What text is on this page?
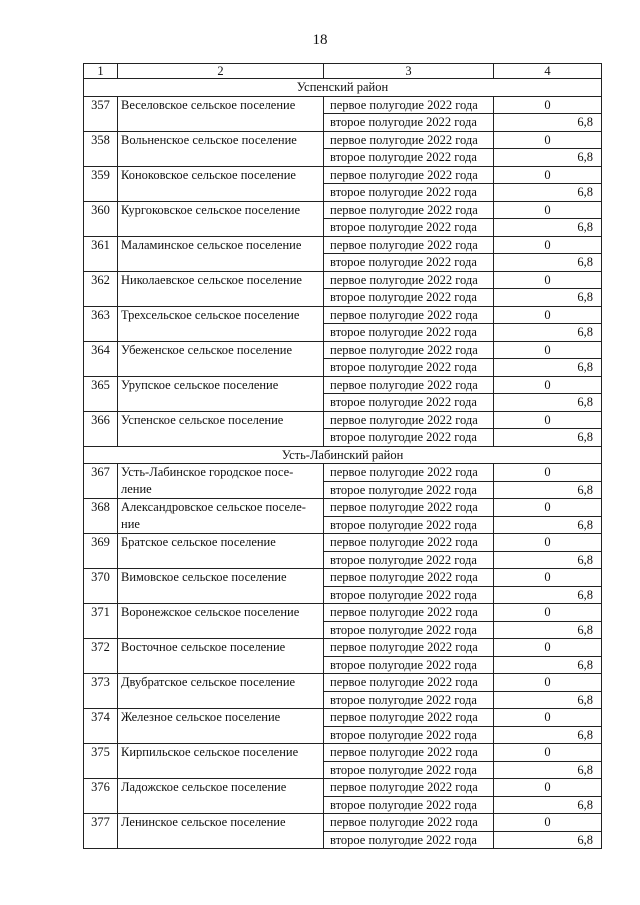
18
1	2	3	4
Успенский район			
357	Веселовское сельское поселение	первое полугодие 2022 года	0
		второе полугодие 2022 года	6,8
358	Вольненское сельское поселение	первое полугодие 2022 года	0
		второе полугодие 2022 года	6,8
359	Коноковское сельское поселение	первое полугодие 2022 года	0
		второе полугодие 2022 года	6,8
360	Кургоковское сельское поселение	первое полугодие 2022 года	0
		второе полугодие 2022 года	6,8
361	Маламинское сельское поселение	первое полугодие 2022 года	0
		второе полугодие 2022 года	6,8
362	Николаевское сельское поселение	первое полугодие 2022 года	0
		второе полугодие 2022 года	6,8
363	Трехсельское сельское поселение	первое полугодие 2022 года	0
		второе полугодие 2022 года	6,8
364	Убеженское сельское поселение	первое полугодие 2022 года	0
		второе полугодие 2022 года	6,8
365	Урупское сельское поселение	первое полугодие 2022 года	0
		второе полугодие 2022 года	6,8
366	Успенское сельское поселение	первое полугодие 2022 года	0
		второе полугодие 2022 года	6,8
Усть-Лабинский район			
367	Усть-Лабинское городское посе-ление	первое полугодие 2022 года	0
		второе полугодие 2022 года	6,8
368	Александровское сельское поселе-ние	первое полугодие 2022 года	0
		второе полугодие 2022 года	6,8
369	Братское сельское поселение	первое полугодие 2022 года	0
		второе полугодие 2022 года	6,8
370	Вимовское сельское поселение	первое полугодие 2022 года	0
		второе полугодие 2022 года	6,8
371	Воронежское сельское поселение	первое полугодие 2022 года	0
		второе полугодие 2022 года	6,8
372	Восточное сельское поселение	первое полугодие 2022 года	0
		второе полугодие 2022 года	6,8
373	Двубратское сельское поселение	первое полугодие 2022 года	0
		второе полугодие 2022 года	6,8
374	Железное сельское поселение	первое полугодие 2022 года	0
		второе полугодие 2022 года	6,8
375	Кирпильское сельское поселение	первое полугодие 2022 года	0
		второе полугодие 2022 года	6,8
376	Ладожское сельское поселение	первое полугодие 2022 года	0
		второе полугодие 2022 года	6,8
377	Ленинское сельское поселение	первое полугодие 2022 года	0
		второе полугодие 2022 года	6,8
